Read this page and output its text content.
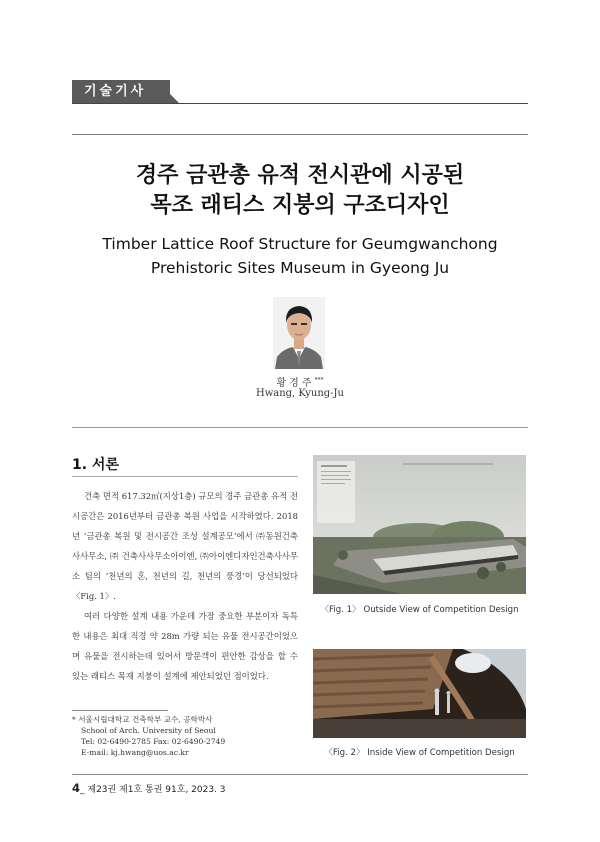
기술기사
경주 금관총 유적 전시관에 시공된
목조 래티스 지붕의 구조디자인
Timber Lattice Roof Structure for Geumgwanchong
Prehistoric Sites Museum in Gyeong Ju
황경주***
Hwang, Kyung-Ju
1. 서론

건축 면적 617.32㎡(지상1층) 규모의 경주 금관총 유적 전시공간은 2016년부터 금관총 복원 사업을 시작하였다. 2018년 ‘금관총 복원 및 전시공간 조성 설계공모’에서 ㈜동원건축사사무소, ㈜ 건축사사무소아이엔, ㈜아이엔디자인건축사사무소 팀의 ‘천년의 혼, 천년의 길, 천년의 풍경’이 당선되었다〈Fig. 1〉.

여러 다양한 설계 내용 가운데 가장 중요한 부분이자 독특한 내용은 최대 직경 약 28m 가량 되는 유물 전시공간이었으며 유물을 전시하는데 있어서 방문객이 편안한 감상을 할 수 있는 래티스 목재 지붕이 설계에 제안되었던 점이었다.

* 서울시립대학교 건축학부 교수, 공학박사
School of Arch. University of Seoul
Tel: 02-6490-2785 Fax: 02-6490-2749
E-mail: kj.hwang@uos.ac.kr
〈Fig. 1〉 Outside View of Competition Design
〈Fig. 2〉 Inside View of Competition Design
4_ 제23권 제1호 통권 91호, 2023. 3
